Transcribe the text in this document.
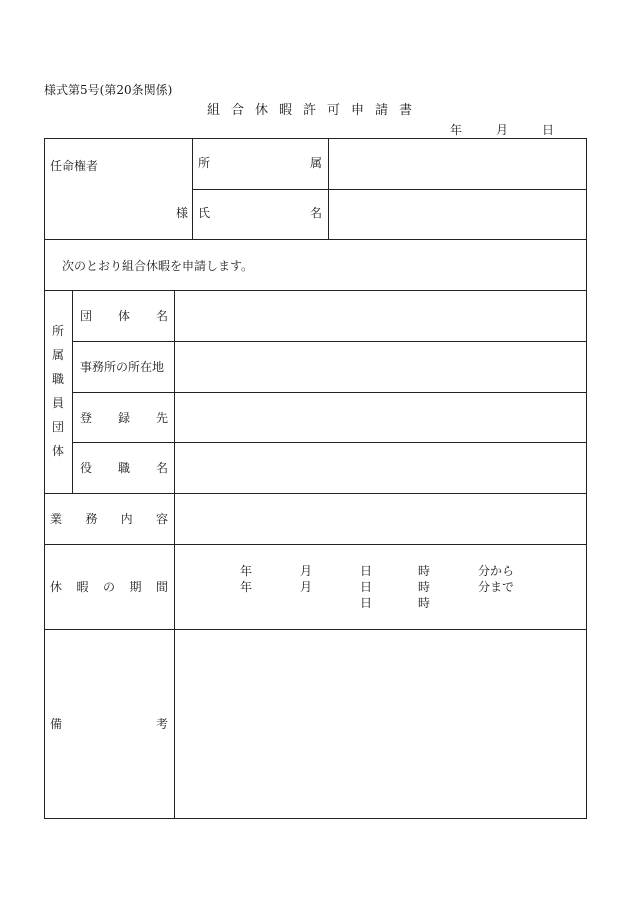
様式第5号(第20条関係)
組合休暇許可申請書
年	月	日
任命権者
様
所	属
氏	名
次のとおり組合休暇を申請します。
所
属
職
員
団
体
団 体 名
事務所の所在地
登 録 先
役 職 名
業 務 内 容
休 暇 の 期 間
年	月	日	時	分から
年	月	日	時	分まで
日	時
備	考
